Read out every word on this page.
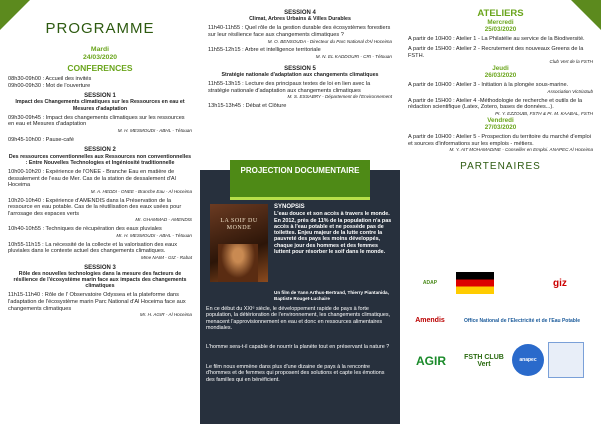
PROGRAMME
Mardi
24/03/2020
CONFERENCES
08h30-09h00 : Accueil des invités
09h00-09h30 : Mot de l'ouverture
SESSION 1
Impact des Changements climatiques sur les Ressources en eau et Mesures d'adaptation
09h30-09h45 : Impact des changements climatiques sur les ressources en eau et Mesures d'adaptation
M. H. MESMOUDI - ABHL - Tétouan
09h45-10h00 : Pause-café
SESSION 2
Des ressources conventionnelles aux Ressources non conventionnelles : Entre Nouvelles Technologies et Ingéniosité traditionnelle
10h00-10h20 : Expérience de l'ONEE - Branche Eau en matière de dessalement de l'eau de Mer. Cas de la station de dessalement d'Al Hoceima
M. A. HEDDI - ONEE - Branche Eau - Al Hoceima
10h20-10h40 : Expérience d'AMENDIS dans la Préservation de la ressource en eau potable. Cas de la réutilisation des eaux usées pour l'arrosage des espaces verts
Mr. GHAMMAD - AMENDIS
10h40-10h55 : Techniques de récupération des eaux pluviales
Mr. H. MESMOUDI - ABHL - Tétouan
10h55-11h15 : La nécessité de la collecte et la valorisation des eaux pluviales dans le contexte actuel des changements climatiques.
Mme NAIM - GIZ - Rabat
SESSION 3
Rôle des nouvelles technologies dans la mesure des facteurs de résilience de l'écosystème marin face aux impacts des changements climatiques
11h15-11h40 : Rôle de l' Observatoire Odyssea et la plateforme dans l'adaptation de l'écosystème marin Parc National d'Al Hoceima face aux changements climatiques
Mr. H. AGIR - Al Hoceima
SESSION 4
Climat, Arbres Urbains & Villes Durables
11h40-11h55 : Quel rôle de la gestion durable des écosystèmes forestiers sur leur résilience face aux changements climatiques ?
M. O. BENSOUDA - Directeur du Parc National d'Al Hoceima
11h55-12h15 : Arbre et intelligence territoriale
M. N. EL KADDOURI - CRI - Tétouan
SESSION 5
Stratégie nationale d'adaptation aux changements climatiques
11h55-13h15 : Lecture des principaux textes de loi en lien avec la stratégie nationale d'adaptation aux changements climatiques
M. S. ESSABRY - Département de l'Environnement
13h15-13h45 : Débat et Clôture
PROJECTION DOCUMENTAIRE
LA SOIF DU MONDE
SYNOPSIS
L'eau douce et son accès à travers le monde. En 2012, près de 11% de la population n'a pas accès à l'eau potable et ne possède pas de toilettes. Enjeu majeur de la lutte contre la pauvreté des pays les moins développés, chaque jour des hommes et des femmes luttent pour résorber le soif dans le monde.
Un film de Yann Arthus-Bertrand, Thierry Piantanida, Baptiste Rouget-Luchaire
En ce début du XXIᵉ siècle, le développement rapide de pays à forte population, la détérioration de l'environnement, les changements climatiques, menacent l'approvisionnement en eau et donc en ressources alimentaires mondiales.
L'homme sera-t-il capable de nourrir la planète tout en préservant la nature ?
Le film nous emmène dans plus d'une dizaine de pays à la rencontre d'hommes et de femmes qui proposent des solutions et capte les émotions des familles qui en bénéficient.
ATELIERS
Mercredi
25/03/2020
A partir de 10H00 : Atelier 1 - La Philatélie au service de la Biodiversité.
A partir de 15H00 : Atelier 2 - Recrutement des nouveaux Greens de la FSTH.
Club Vert de la FSTH
Jeudi
26/03/2020
A partir de 10H00 : Atelier 3 - Initiation à la plongée sous-marine.
Association VictriaSub
A partir de 15H00 : Atelier 4 -Méthodologie de recherche et outils de la rédaction scientifique (Latex, Zotero, bases de données...).
Pr. Y. EZZOUBI, FSTH & Pr. M. KAABAL, FSTH
Vendredi
27/03/2020
A partir de 10H00 : Atelier 5 - Prospection du territoire du marché d'emploi et sources d'informations sur les emplois - métiers.
M. Y. AIT MOHAMADINE - Conseiller en Emploi. ANAPEC Al Hoceima
PARTENAIRES
ADAP	giz
Amendis	Office National de l'Electricité et de l'Eau Potable
AGIR	FSTH CLUB Vert
anapec
